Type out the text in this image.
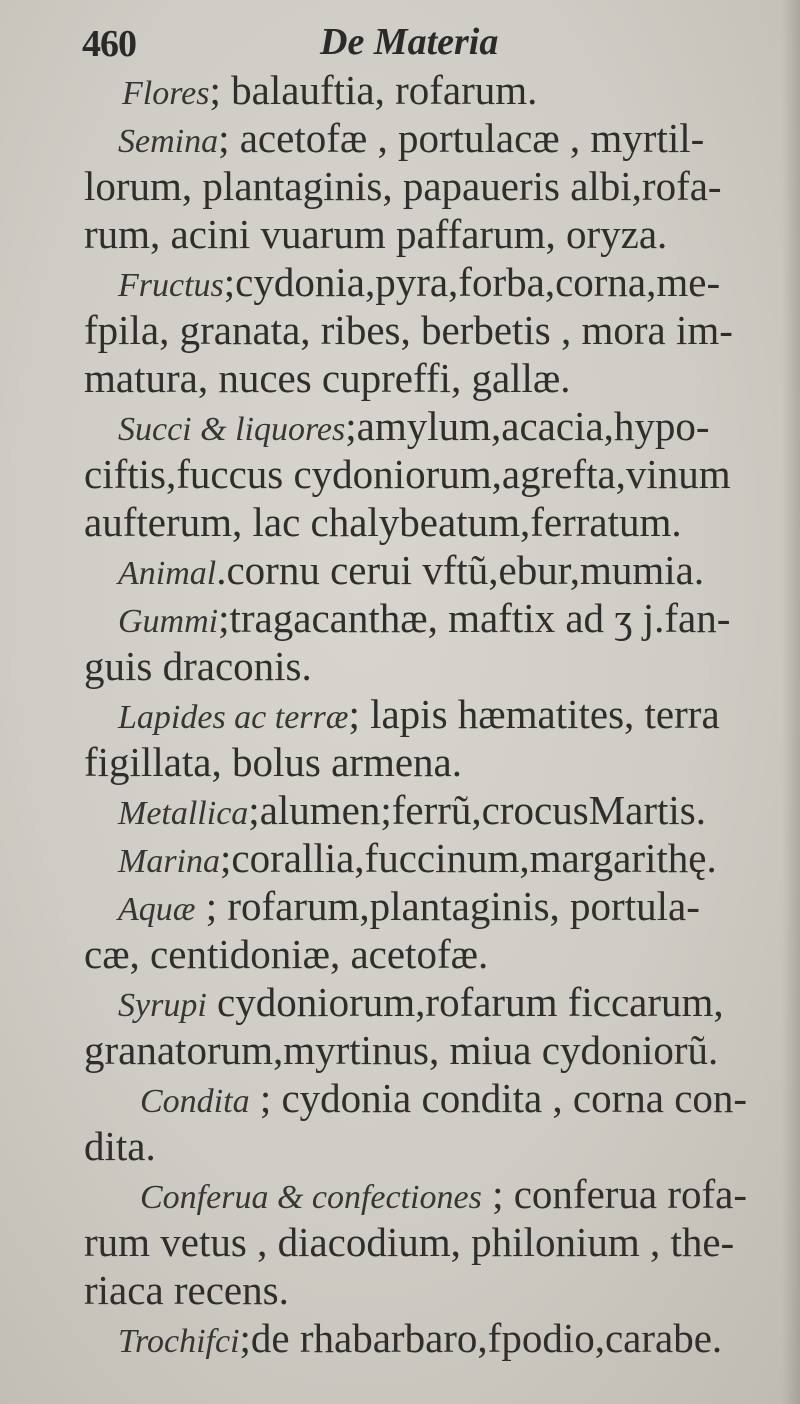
460	De Materia
Flores; balauftia, rofarum.
Semina; acetofæ , portulacæ , myrtil-
lorum, plantaginis, papaueris albi,rofa-
rum, acini vuarum paffarum, oryza.
Fructus;cydonia,pyra,forba,corna,me-
fpila, granata, ribes, berbetis , mora im-
matura, nuces cupreffi, gallæ.
Succi & liquores;amylum,acacia,hypo-
ciftis,fuccus cydoniorum,agrefta,vinum
aufterum, lac chalybeatum,ferratum.
Animal.cornu cerui vftũ,ebur,mumia.
Gummi;tragacanthæ, maftix ad ʒ j.fan-
guis draconis.
Lapides ac terræ; lapis hæmatites, terra
figillata, bolus armena.
Metallica;alumen;ferrũ,crocusMartis.
Marina;corallia,fuccinum,margarithę.
Aquæ ; rofarum,plantaginis, portula-
cæ, centidoniæ, acetofæ.
Syrupi cydoniorum,rofarum ficcarum,
granatorum,myrtinus, miua cydoniorũ.
Condita ; cydonia condita , corna con-
dita.
Conferua & confectiones ; conferua rofa-
rum vetus , diacodium, philonium , the-
riaca recens.
Trochifci;de rhabarbaro,fpodio,carabe.
